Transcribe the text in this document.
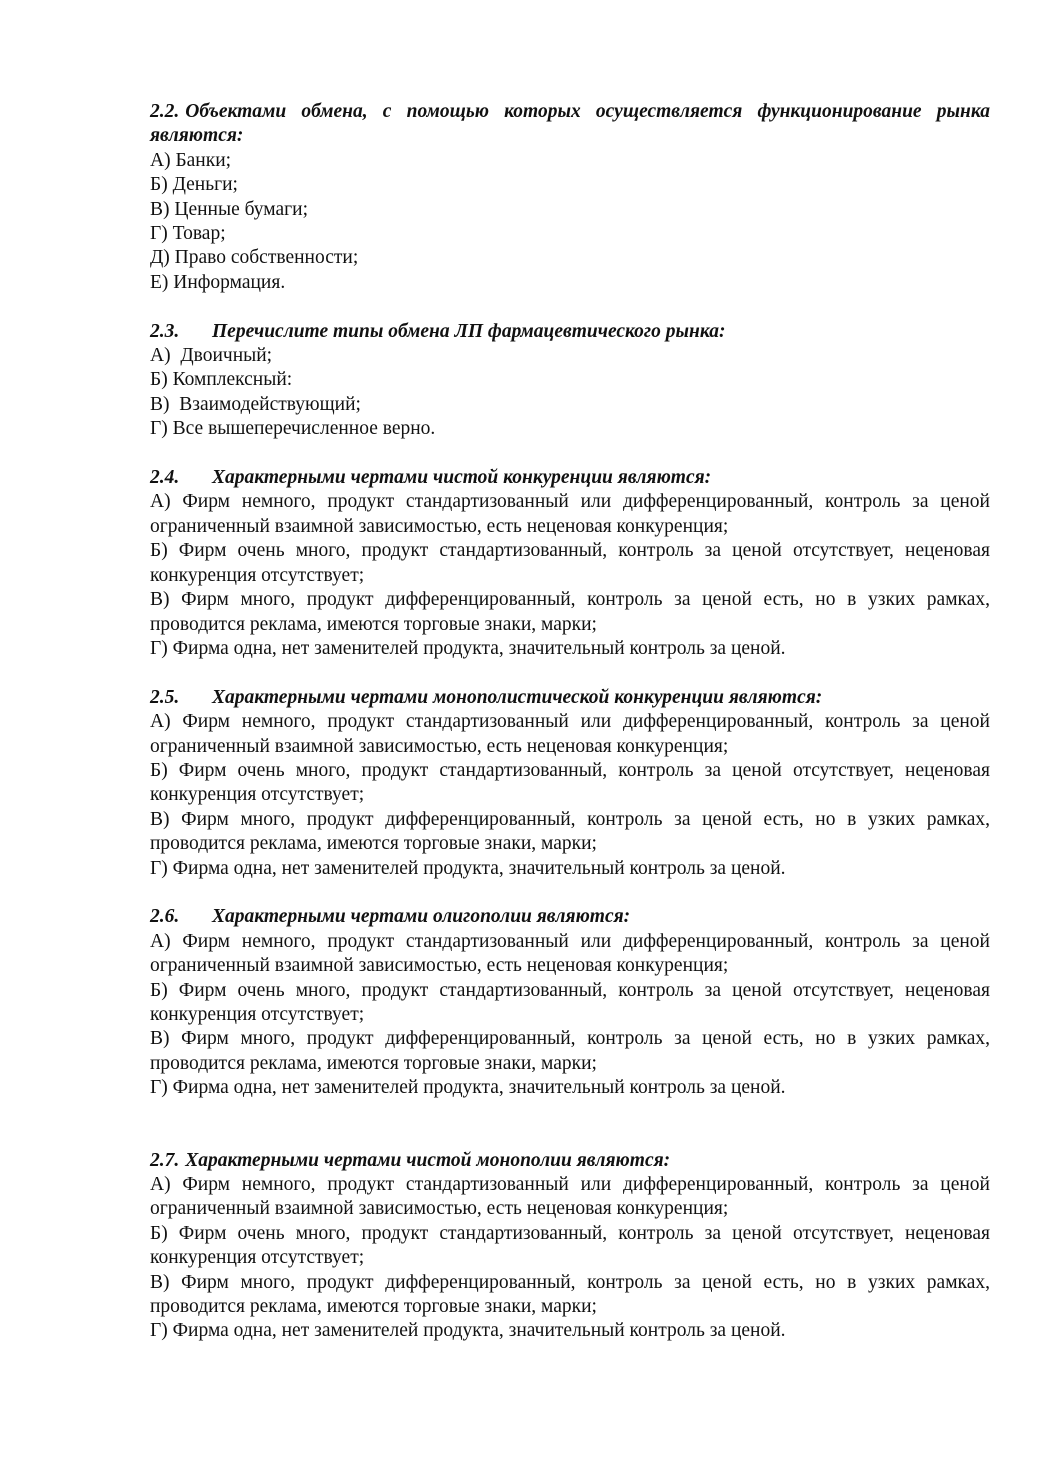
2.2. Объектами обмена, с помощью которых осуществляется функционирование рынка являются:

А) Банки;

Б) Деньги;

В) Ценные бумаги;

Г) Товар;

Д) Право собственности;

Е) Информация.

2.3. Перечислите типы обмена ЛП фармацевтического рынка:

А)  Двоичный;

Б) Комплексный:

В)  Взаимодействующий;

Г) Все вышеперечисленное верно.

2.4. Характерными чертами чистой конкуренции являются:

А) Фирм немного, продукт стандартизованный или дифференцированный, контроль за ценой ограниченный взаимной зависимостью, есть неценовая конкуренция;

Б) Фирм очень много, продукт стандартизованный, контроль за ценой отсутствует, неценовая конкуренция отсутствует;

В) Фирм много, продукт дифференцированный, контроль за ценой есть, но в узких рамках, проводится реклама, имеются торговые знаки, марки;

Г) Фирма одна, нет заменителей продукта, значительный контроль за ценой.

2.5. Характерными чертами монополистической конкуренции являются:

А) Фирм немного, продукт стандартизованный или дифференцированный, контроль за ценой ограниченный взаимной зависимостью, есть неценовая конкуренция;

Б) Фирм очень много, продукт стандартизованный, контроль за ценой отсутствует, неценовая конкуренция отсутствует;

В) Фирм много, продукт дифференцированный, контроль за ценой есть, но в узких рамках, проводится реклама, имеются торговые знаки, марки;

Г) Фирма одна, нет заменителей продукта, значительный контроль за ценой.

2.6. Характерными чертами олигополии являются:

А) Фирм немного, продукт стандартизованный или дифференцированный, контроль за ценой ограниченный взаимной зависимостью, есть неценовая конкуренция;

Б) Фирм очень много, продукт стандартизованный, контроль за ценой отсутствует, неценовая конкуренция отсутствует;

В) Фирм много, продукт дифференцированный, контроль за ценой есть, но в узких рамках, проводится реклама, имеются торговые знаки, марки;

Г) Фирма одна, нет заменителей продукта, значительный контроль за ценой.

2.7. Характерными чертами чистой монополии являются:

А) Фирм немного, продукт стандартизованный или дифференцированный, контроль за ценой ограниченный взаимной зависимостью, есть неценовая конкуренция;

Б) Фирм очень много, продукт стандартизованный, контроль за ценой отсутствует, неценовая конкуренция отсутствует;

В) Фирм много, продукт дифференцированный, контроль за ценой есть, но в узких рамках, проводится реклама, имеются торговые знаки, марки;

Г) Фирма одна, нет заменителей продукта, значительный контроль за ценой.
